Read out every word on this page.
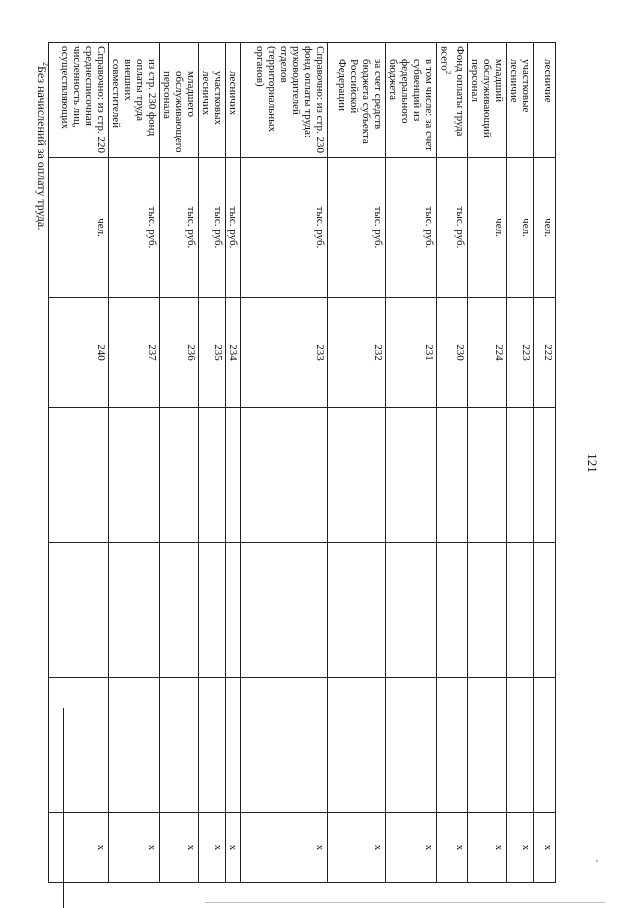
121
лесничие	чел.	222				x
участковые лесничие	чел.	223				x
младший обслуживающий персонал	чел.	224				x
Фонд оплаты труда всего$^2$	тыс. руб.	230				x
в том числе: за счет субвенций из федерального бюджета	тыс. руб.	231				x
за счет средств бюджета субъекта Российской Федерации	тыс. руб.	232				x
Справочно: из стр. 230 фонд оплаты труда: руководителей отделов (территориальных органов)	тыс. руб.	233				x
лесничих	тыс. руб.	234				x
участковых лесничих	тыс. руб.	235				x
младшего обслуживающего персонала	тыс. руб.	236				x
из стр. 230 фонд оплаты труда внешних совместителей	тыс. руб.	237				x
Справочно: из стр. 220 среднесписочная численность лиц, осуществляющих	чел.	240				x
$^2$Без начислений за оплату труда.
